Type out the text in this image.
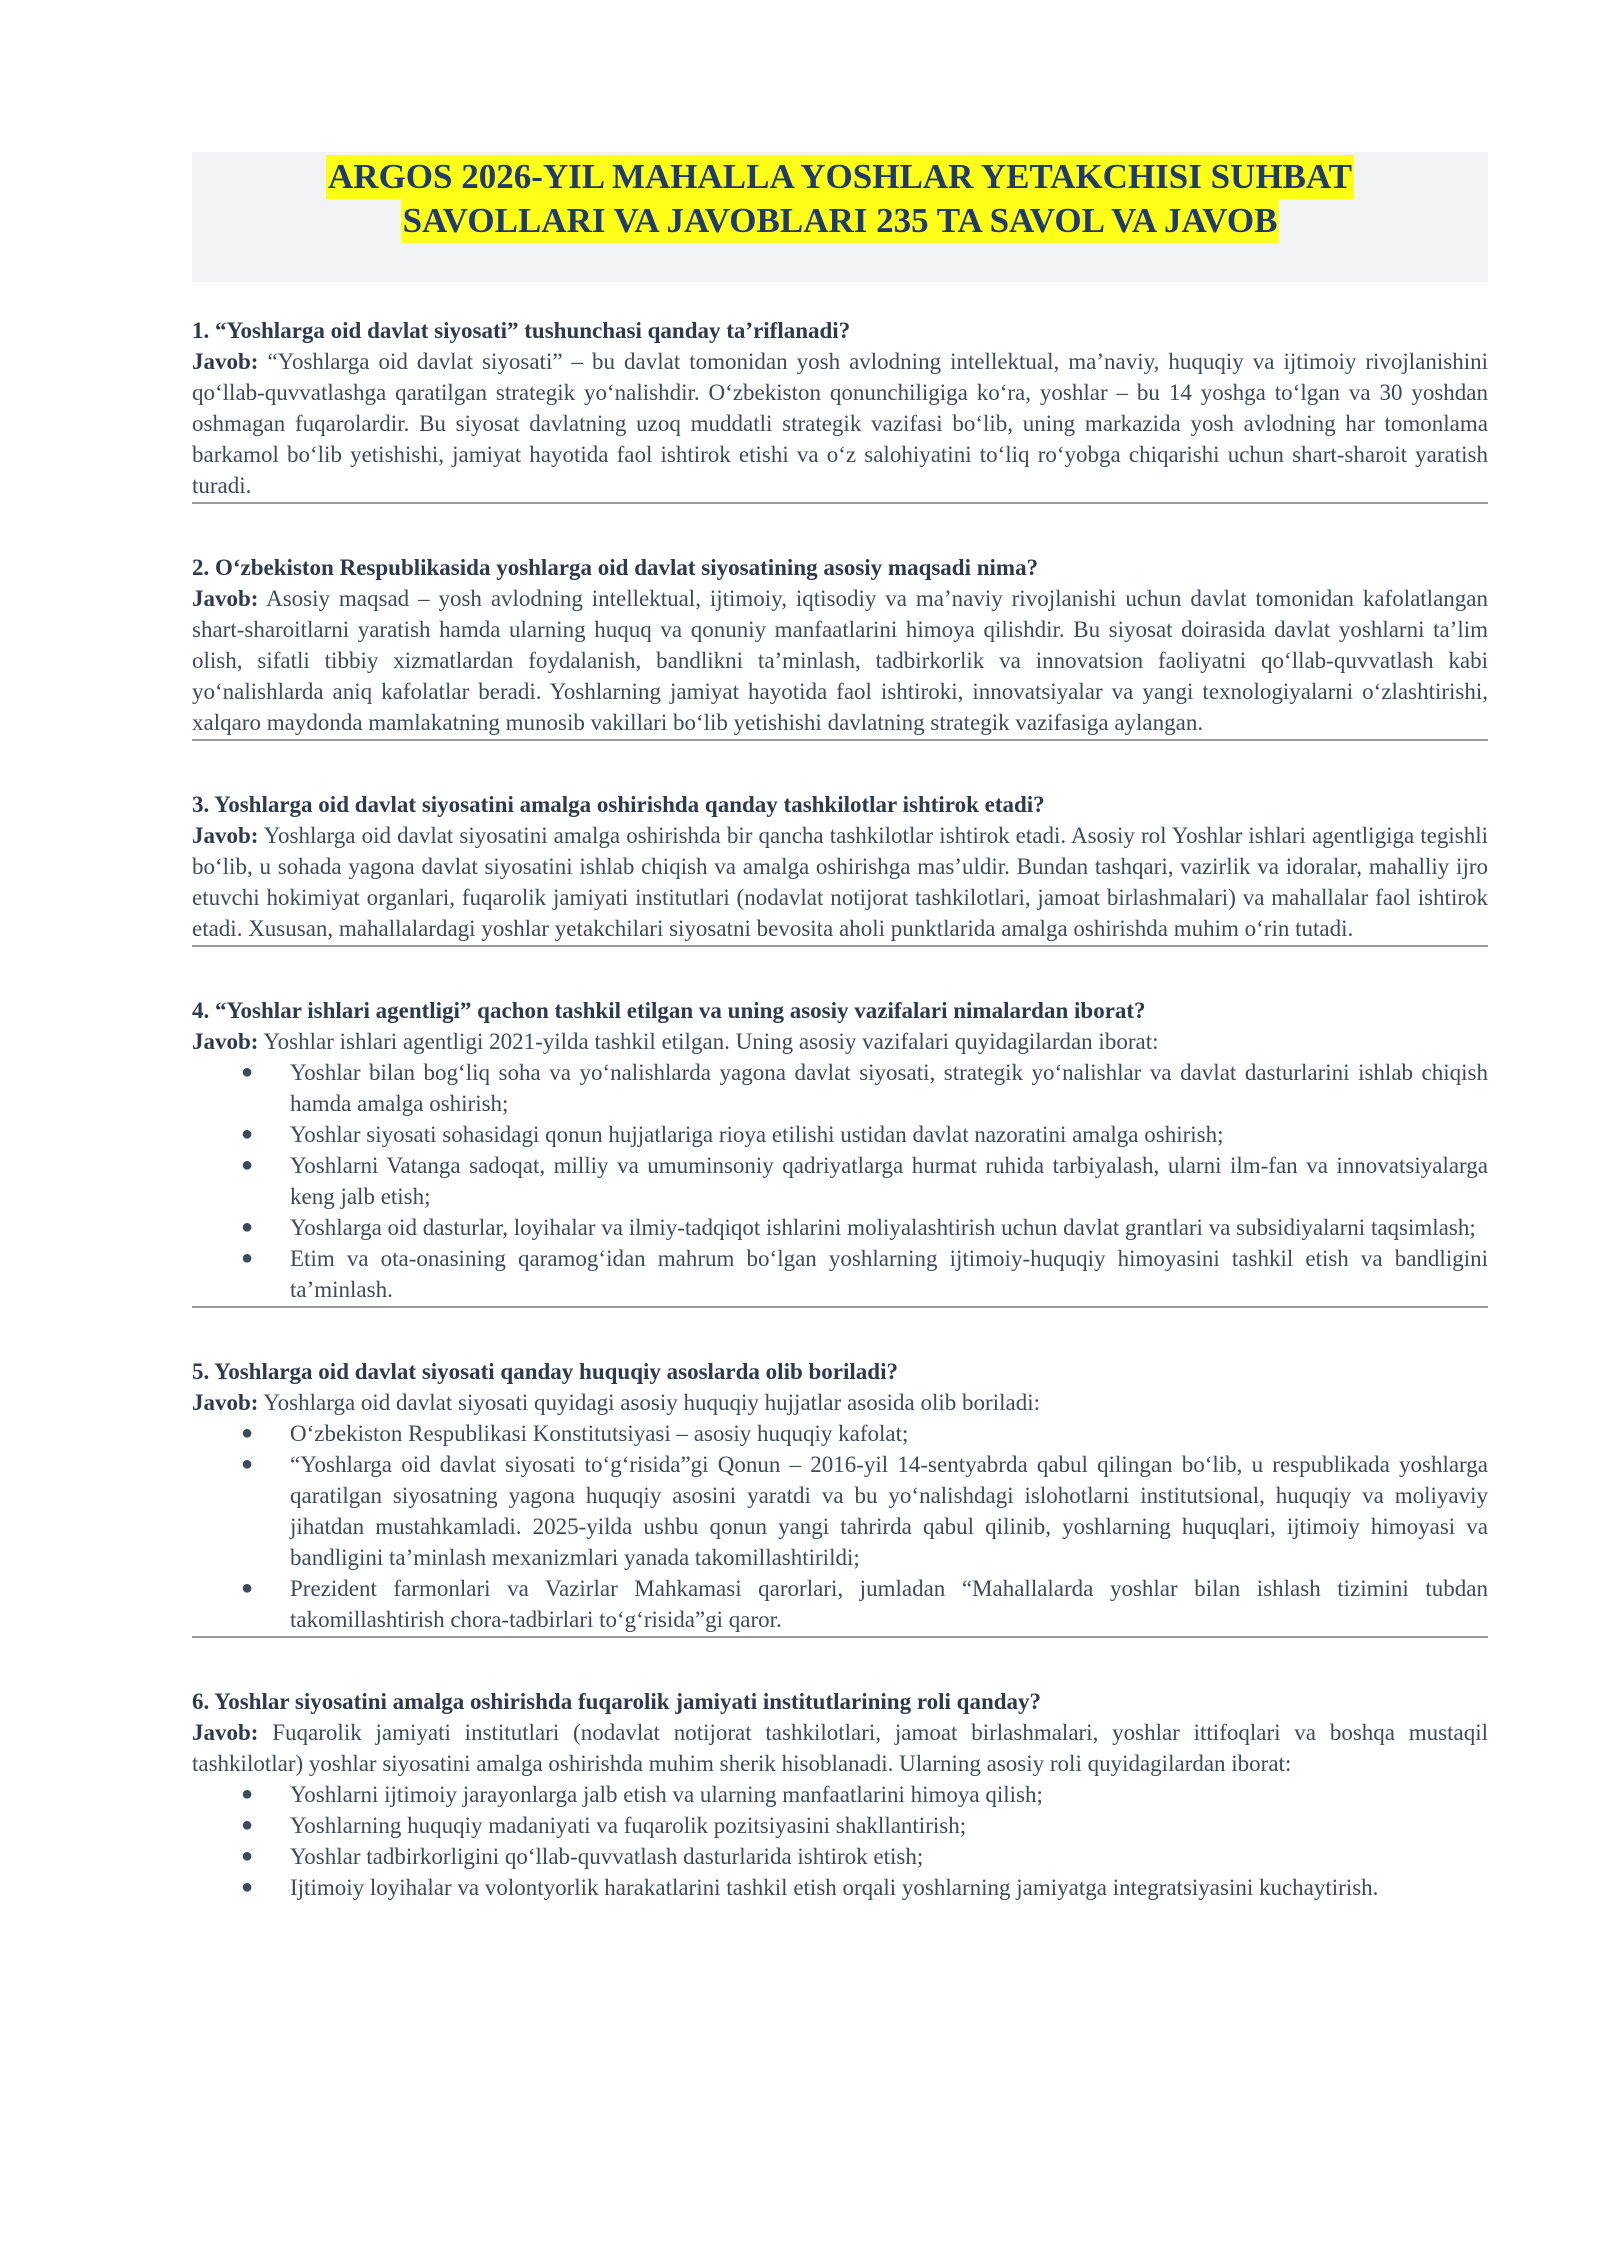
ARGOS 2026-YIL MAHALLA YOSHLAR YETAKCHISI SUHBAT
SAVOLLARI VA JAVOBLARI 235 TA SAVOL VA JAVOB
1. “Yoshlarga oid davlat siyosati” tushunchasi qanday ta’riflanadi?
Javob: “Yoshlarga oid davlat siyosati” – bu davlat tomonidan yosh avlodning intellektual, ma’naviy, huquqiy va ijtimoiy rivojlanishini qo‘llab-quvvatlashga qaratilgan strategik yo‘nalishdir. O‘zbekiston qonunchiligiga ko‘ra, yoshlar – bu 14 yoshga to‘lgan va 30 yoshdan oshmagan fuqarolardir. Bu siyosat davlatning uzoq muddatli strategik vazifasi bo‘lib, uning markazida yosh avlodning har tomonlama barkamol bo‘lib yetishishi, jamiyat hayotida faol ishtirok etishi va o‘z salohiyatini to‘liq ro‘yobga chiqarishi uchun shart-sharoit yaratish turadi.
2. O‘zbekiston Respublikasida yoshlarga oid davlat siyosatining asosiy maqsadi nima?
Javob: Asosiy maqsad – yosh avlodning intellektual, ijtimoiy, iqtisodiy va ma’naviy rivojlanishi uchun davlat tomonidan kafolatlangan shart-sharoitlarni yaratish hamda ularning huquq va qonuniy manfaatlarini himoya qilishdir. Bu siyosat doirasida davlat yoshlarni ta’lim olish, sifatli tibbiy xizmatlardan foydalanish, bandlikni ta’minlash, tadbirkorlik va innovatsion faoliyatni qo‘llab-quvvatlash kabi yo‘nalishlarda aniq kafolatlar beradi. Yoshlarning jamiyat hayotida faol ishtiroki, innovatsiyalar va yangi texnologiyalarni o‘zlashtirishi, xalqaro maydonda mamlakatning munosib vakillari bo‘lib yetishishi davlatning strategik vazifasiga aylangan.
3. Yoshlarga oid davlat siyosatini amalga oshirishda qanday tashkilotlar ishtirok etadi?
Javob: Yoshlarga oid davlat siyosatini amalga oshirishda bir qancha tashkilotlar ishtirok etadi. Asosiy rol Yoshlar ishlari agentligiga tegishli bo‘lib, u sohada yagona davlat siyosatini ishlab chiqish va amalga oshirishga mas’uldir. Bundan tashqari, vazirlik va idoralar, mahalliy ijro etuvchi hokimiyat organlari, fuqarolik jamiyati institutlari (nodavlat notijorat tashkilotlari, jamoat birlashmalari) va mahallalar faol ishtirok etadi. Xususan, mahallalardagi yoshlar yetakchilari siyosatni bevosita aholi punktlarida amalga oshirishda muhim o‘rin tutadi.
4. “Yoshlar ishlari agentligi” qachon tashkil etilgan va uning asosiy vazifalari nimalardan iborat?
Javob: Yoshlar ishlari agentligi 2021-yilda tashkil etilgan. Uning asosiy vazifalari quyidagilardan iborat:
● Yoshlar bilan bog‘liq soha va yo‘nalishlarda yagona davlat siyosati, strategik yo‘nalishlar va davlat dasturlarini ishlab chiqish hamda amalga oshirish;
● Yoshlar siyosati sohasidagi qonun hujjatlariga rioya etilishi ustidan davlat nazoratini amalga oshirish;
● Yoshlarni Vatanga sadoqat, milliy va umuminsoniy qadriyatlarga hurmat ruhida tarbiyalash, ularni ilm-fan va innovatsiyalarga keng jalb etish;
● Yoshlarga oid dasturlar, loyihalar va ilmiy-tadqiqot ishlarini moliyalashtirish uchun davlat grantlari va subsidiyalarni taqsimlash;
● Etim va ota-onasining qaramog‘idan mahrum bo‘lgan yoshlarning ijtimoiy-huquqiy himoyasini tashkil etish va bandligini ta’minlash.
5. Yoshlarga oid davlat siyosati qanday huquqiy asoslarda olib boriladi?
Javob: Yoshlarga oid davlat siyosati quyidagi asosiy huquqiy hujjatlar asosida olib boriladi:
● O‘zbekiston Respublikasi Konstitutsiyasi – asosiy huquqiy kafolat;
● “Yoshlarga oid davlat siyosati to‘g‘risida”gi Qonun – 2016-yil 14-sentyabrda qabul qilingan bo‘lib, u respublikada yoshlarga qaratilgan siyosatning yagona huquqiy asosini yaratdi va bu yo‘nalishdagi islohotlarni institutsional, huquqiy va moliyaviy jihatdan mustahkamladi. 2025-yilda ushbu qonun yangi tahrirda qabul qilinib, yoshlarning huquqlari, ijtimoiy himoyasi va bandligini ta’minlash mexanizmlari yanada takomillashtirildi;
● Prezident farmonlari va Vazirlar Mahkamasi qarorlari, jumladan “Mahallalarda yoshlar bilan ishlash tizimini tubdan takomillashtirish chora-tadbirlari to‘g‘risida”gi qaror.
6. Yoshlar siyosatini amalga oshirishda fuqarolik jamiyati institutlarining roli qanday?
Javob: Fuqarolik jamiyati institutlari (nodavlat notijorat tashkilotlari, jamoat birlashmalari, yoshlar ittifoqlari va boshqa mustaqil tashkilotlar) yoshlar siyosatini amalga oshirishda muhim sherik hisoblanadi. Ularning asosiy roli quyidagilardan iborat:
● Yoshlarni ijtimoiy jarayonlarga jalb etish va ularning manfaatlarini himoya qilish;
● Yoshlarning huquqiy madaniyati va fuqarolik pozitsiyasini shakllantirish;
● Yoshlar tadbirkorligini qo‘llab-quvvatlash dasturlarida ishtirok etish;
● Ijtimoiy loyihalar va volontyorlik harakatlarini tashkil etish orqali yoshlarning jamiyatga integratsiyasini kuchaytirish.
